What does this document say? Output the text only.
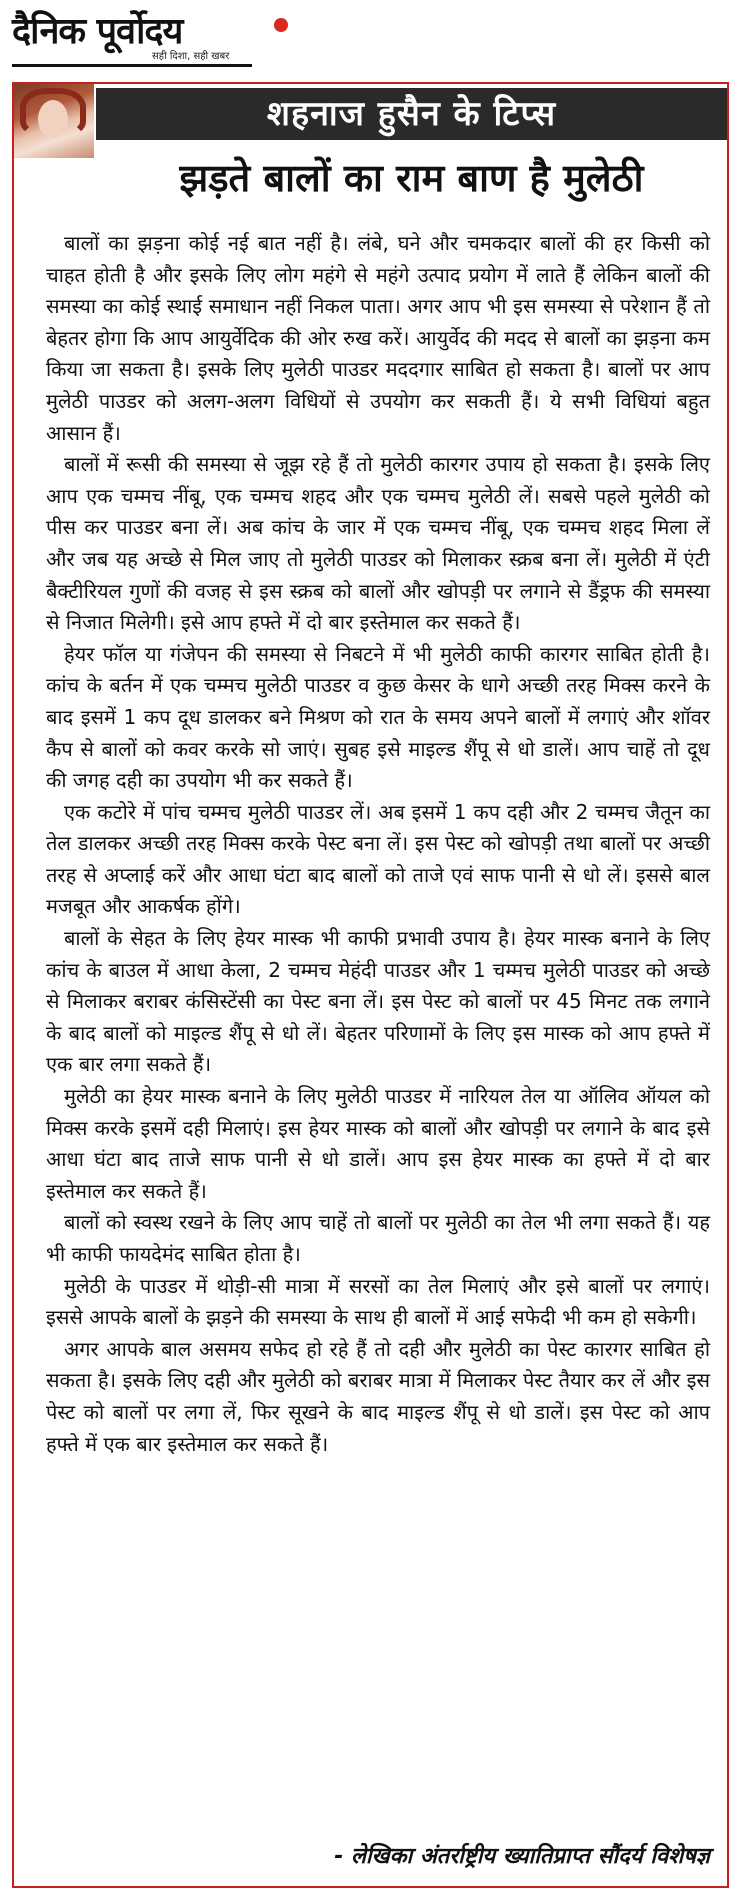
दैनिक पूर्वोदय
सही दिशा, सही खबर
शहनाज हुसैन के टिप्स
झड़ते बालों का राम बाण है मुलेठी

बालों का झड़ना कोई नई बात नहीं है। लंबे, घने और चमकदार बालों की हर किसी को चाहत होती है और इसके लिए लोग महंगे से महंगे उत्पाद प्रयोग में लाते हैं लेकिन बालों की समस्या का कोई स्थाई समाधान नहीं निकल पाता। अगर आप भी इस समस्या से परेशान हैं तो बेहतर होगा कि आप आयुर्वेदिक की ओर रुख करें। आयुर्वेद की मदद से बालों का झड़ना कम किया जा सकता है। इसके लिए मुलेठी पाउडर मददगार साबित हो सकता है। बालों पर आप मुलेठी पाउडर को अलग-अलग विधियों से उपयोग कर सकती हैं। ये सभी विधियां बहुत आसान हैं।

बालों में रूसी की समस्या से जूझ रहे हैं तो मुलेठी कारगर उपाय हो सकता है। इसके लिए आप एक चम्मच नींबू, एक चम्मच शहद और एक चम्मच मुलेठी लें। सबसे पहले मुलेठी को पीस कर पाउडर बना लें। अब कांच के जार में एक चम्मच नींबू, एक चम्मच शहद मिला लें और जब यह अच्छे से मिल जाए तो मुलेठी पाउडर को मिलाकर स्क्रब बना लें। मुलेठी में एंटी बैक्टीरियल गुणों की वजह से इस स्क्रब को बालों और खोपड़ी पर लगाने से डैंड्रफ की समस्या से निजात मिलेगी। इसे आप हफ्ते में दो बार इस्तेमाल कर सकते हैं।

हेयर फॉल या गंजेपन की समस्या से निबटने में भी मुलेठी काफी कारगर साबित होती है। कांच के बर्तन में एक चम्मच मुलेठी पाउडर व कुछ केसर के धागे अच्छी तरह मिक्स करने के बाद इसमें 1 कप दूध डालकर बने मिश्रण को रात के समय अपने बालों में लगाएं और शॉवर कैप से बालों को कवर करके सो जाएं। सुबह इसे माइल्ड शैंपू से धो डालें। आप चाहें तो दूध की जगह दही का उपयोग भी कर सकते हैं।

एक कटोरे में पांच चम्मच मुलेठी पाउडर लें। अब इसमें 1 कप दही और 2 चम्मच जैतून का तेल डालकर अच्छी तरह मिक्स करके पेस्ट बना लें। इस पेस्ट को खोपड़ी तथा बालों पर अच्छी तरह से अप्लाई करें और आधा घंटा बाद बालों को ताजे एवं साफ पानी से धो लें। इससे बाल मजबूत और आकर्षक होंगे।

बालों के सेहत के लिए हेयर मास्क भी काफी प्रभावी उपाय है। हेयर मास्क बनाने के लिए कांच के बाउल में आधा केला, 2 चम्मच मेहंदी पाउडर और 1 चम्मच मुलेठी पाउडर को अच्छे से मिलाकर बराबर कंसिस्टेंसी का पेस्ट बना लें। इस पेस्ट को बालों पर 45 मिनट तक लगाने के बाद बालों को माइल्ड शैंपू से धो लें। बेहतर परिणामों के लिए इस मास्क को आप हफ्ते में एक बार लगा सकते हैं।

मुलेठी का हेयर मास्क बनाने के लिए मुलेठी पाउडर में नारियल तेल या ऑलिव ऑयल को मिक्स करके इसमें दही मिलाएं। इस हेयर मास्क को बालों और खोपड़ी पर लगाने के बाद इसे आधा घंटा बाद ताजे साफ पानी से धो डालें। आप इस हेयर मास्क का हफ्ते में दो बार इस्तेमाल कर सकते हैं।

बालों को स्वस्थ रखने के लिए आप चाहें तो बालों पर मुलेठी का तेल भी लगा सकते हैं। यह भी काफी फायदेमंद साबित होता है।

मुलेठी के पाउडर में थोड़ी-सी मात्रा में सरसों का तेल मिलाएं और इसे बालों पर लगाएं। इससे आपके बालों के झड़ने की समस्या के साथ ही बालों में आई सफेदी भी कम हो सकेगी।

अगर आपके बाल असमय सफेद हो रहे हैं तो दही और मुलेठी का पेस्ट कारगर साबित हो सकता है। इसके लिए दही और मुलेठी को बराबर मात्रा में मिलाकर पेस्ट तैयार कर लें और इस पेस्ट को बालों पर लगा लें, फिर सूखने के बाद माइल्ड शैंपू से धो डालें। इस पेस्ट को आप हफ्ते में एक बार इस्तेमाल कर सकते हैं।

- लेखिका अंतर्राष्ट्रीय ख्यातिप्राप्त सौंदर्य विशेषज्ञ
